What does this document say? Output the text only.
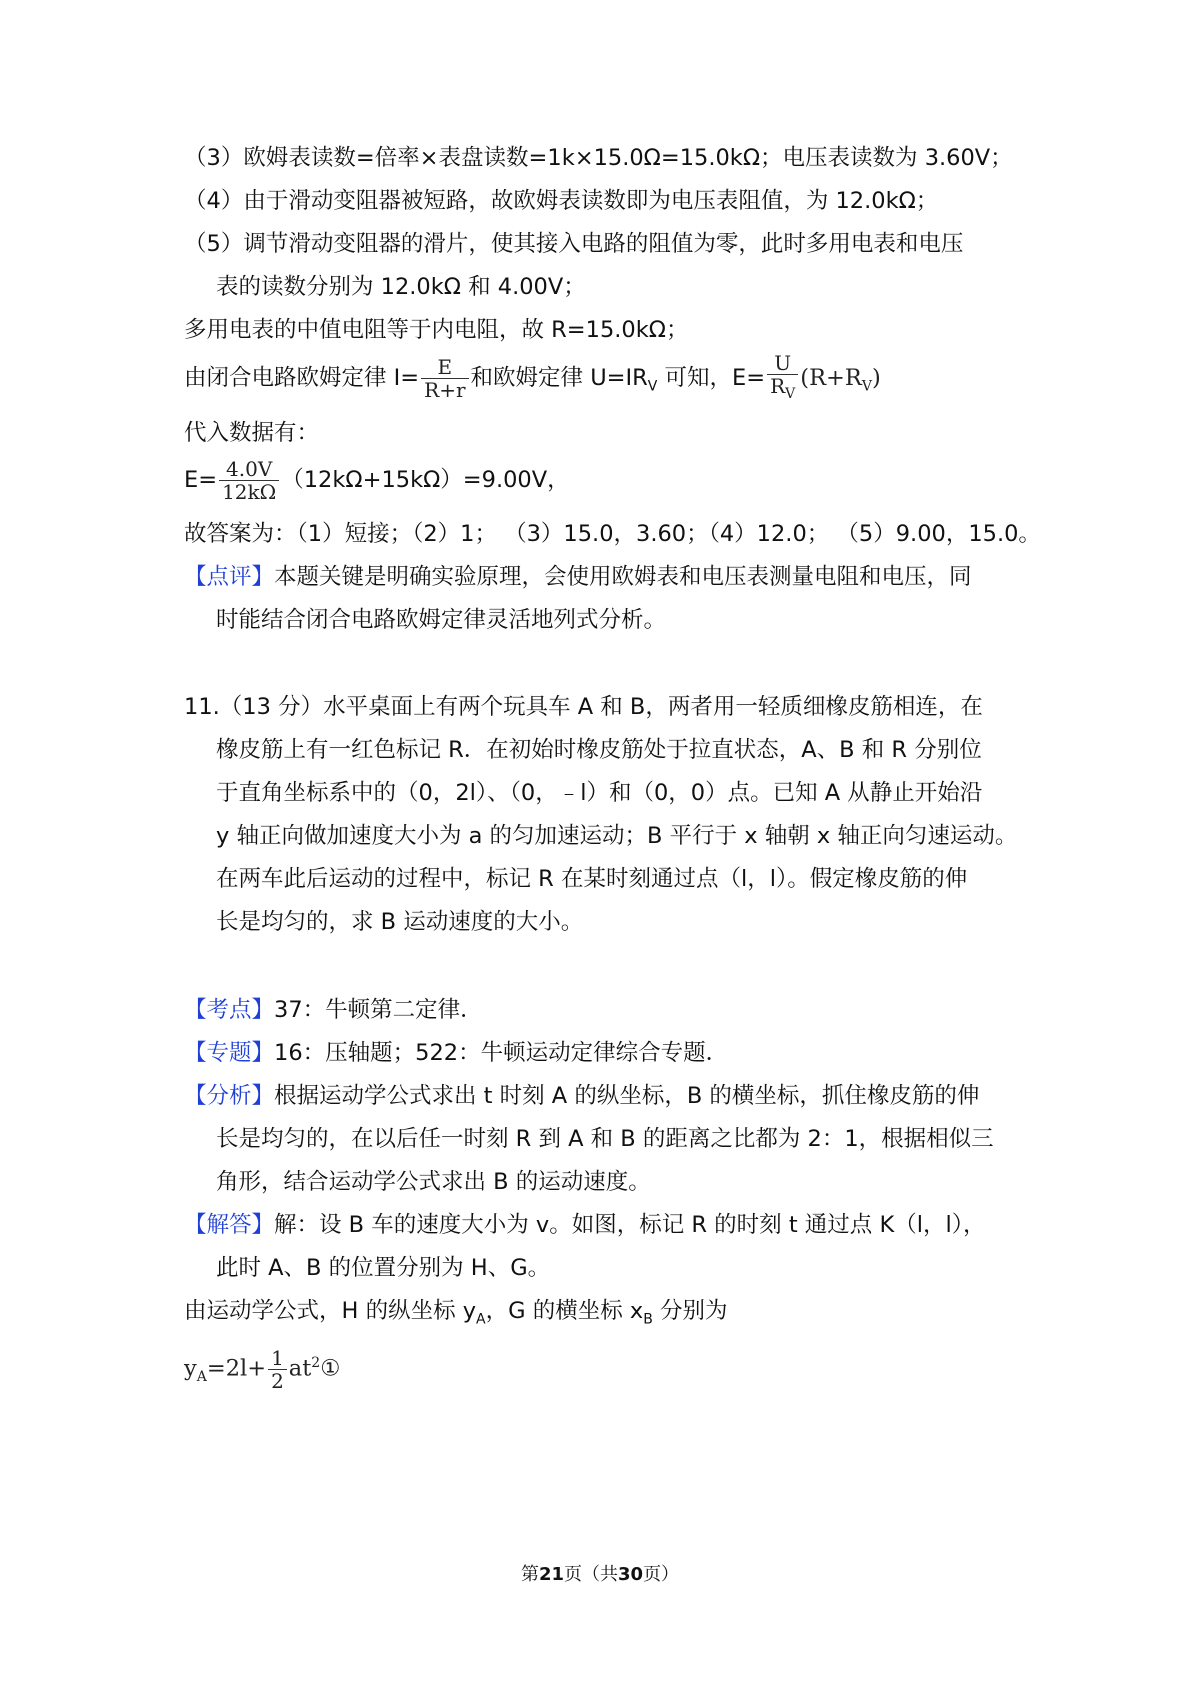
（3）欧姆表读数=倍率×表盘读数=1k×15.0Ω=15.0kΩ；电压表读数为 3.60V；
（4）由于滑动变阻器被短路，故欧姆表读数即为电压表阻值，为 12.0kΩ；
（5）调节滑动变阻器的滑片，使其接入电路的阻值为零，此时多用电表和电压
表的读数分别为 12.0kΩ 和 4.00V；
多用电表的中值电阻等于内电阻，故 R=15.0kΩ；
由闭合电路欧姆定律 $I= \frac{E}{R+r}$ 和欧姆定律 $U=IR_V$ 可知，$E= \frac{U}{R_V} (R+R_V)$
代入数据有：
$E= \frac{4.0V}{12k\Omega} (12k\Omega+15k\Omega)=9.00V$，
故答案为：（1）短接；（2）1； （3）15.0，3.60；（4）12.0； （5）9.00，15.0。
【点评】本题关键是明确实验原理，会使用欧姆表和电压表测量电阻和电压，同
时能结合闭合电路欧姆定律灵活地列式分析。
11.（13 分）水平桌面上有两个玩具车 A 和 B，两者用一轻质细橡皮筋相连，在
橡皮筋上有一红色标记 R．在初始时橡皮筋处于拉直状态，A、B 和 R 分别位
于直角坐标系中的（0，2l）、（0，﹣l）和（0，0）点。已知 A 从静止开始沿
y 轴正向做加速度大小为 a 的匀加速运动；B 平行于 x 轴朝 x 轴正向匀速运动。
在两车此后运动的过程中，标记 R 在某时刻通过点（l，l）。假定橡皮筋的伸
长是均匀的，求 B 运动速度的大小。
【考点】37：牛顿第二定律．
【专题】16：压轴题；522：牛顿运动定律综合专题．
【分析】根据运动学公式求出 t 时刻 A 的纵坐标，B 的横坐标，抓住橡皮筋的伸
长是均匀的，在以后任一时刻 R 到 A 和 B 的距离之比都为 2：1，根据相似三
角形，结合运动学公式求出 B 的运动速度。
【解答】解：设 B 车的速度大小为 v。如图，标记 R 的时刻 t 通过点 K（l，l），
此时 A、B 的位置分别为 H、G。
由运动学公式，H 的纵坐标 $y_A$，G 的横坐标 $x_B$ 分别为
$y_A=2l+ \frac{1}{2}$ $at^2①$
第21页（共30页）
